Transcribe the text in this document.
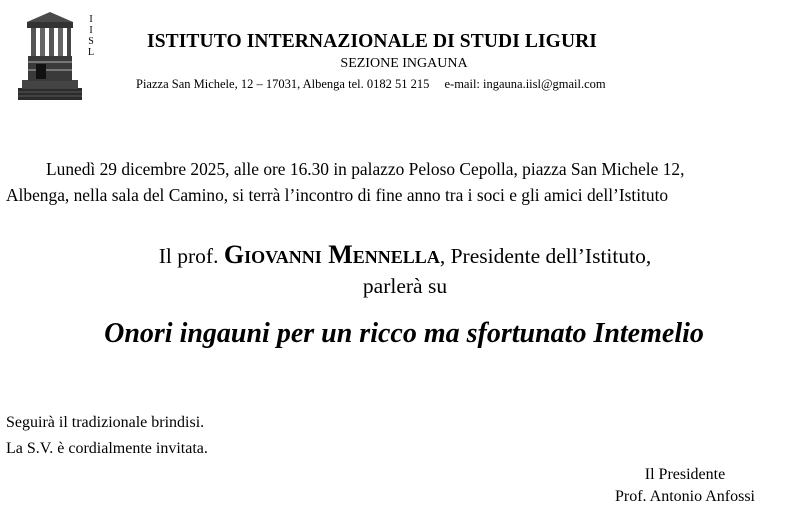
I
I
S
L
ISTITUTO INTERNAZIONALE DI STUDI LIGURI
SEZIONE INGAUNA
Piazza San Michele, 12 – 17031, Albenga tel. 0182 51 215 e-mail: ingauna.iisl@gmail.com
Lunedì 29 dicembre 2025, alle ore 16.30 in palazzo Peloso Cepolla, piazza San Michele 12,
Albenga, nella sala del Camino, si terrà l’incontro di fine anno tra i soci e gli amici dell’Istituto
Il prof. Giovanni Mennella, Presidente dell’Istituto,
parlerà su
Onori ingauni per un ricco ma sfortunato Intemelio
Seguirà il tradizionale brindisi.
La S.V. è cordialmente invitata.
Il Presidente
Prof. Antonio Anfossi
